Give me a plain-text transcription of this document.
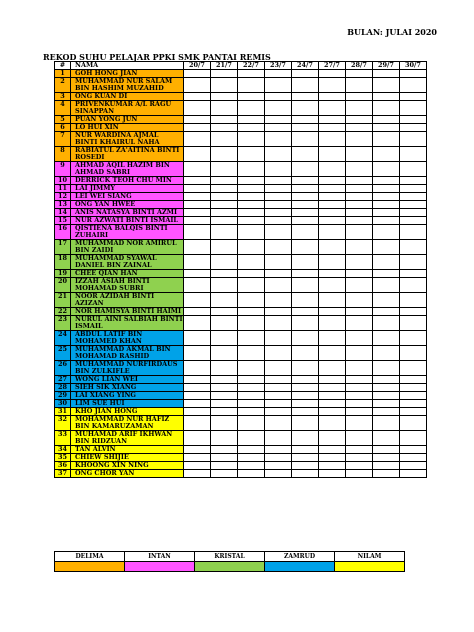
BULAN: JULAI 2020
REKOD SUHU PELAJAR PPKI SMK PANTAI REMIS
#	NAMA	20/7	21/7	22/7	23/7	24/7	27/7	28/7	29/7	30/7
1	GOH HONG JIAN									
2	MUHAMMAD NUR SALAM BIN HASHIM MUZAHID									
3	ONG KUAN DI									
4	PRIVENKUMAR A/L RAGU SINAPPAN									
5	PUAN YONG JUN									
6	LO HUI XIN									
7	NUR WARDINA AJMAL BINTI KHAIRUL NAHA									
8	RABIATUL ZA'AITINA BINTI ROSEDI									
9	AHMAD AQIL HAZIM BIN AHMAD SABRI									
10	DERRICK TEOH CHU MIN									
11	LAI JIMMY									
12	LEI WEI SIANG									
13	ONG YAN HWEE									
14	ANIS NATASYA BINTI AZMI									
15	NUR AZWATI BINTI ISMAIL									
16	QISTIENA BALQIS BINTI ZUHAIRI									
17	MUHAMMAD NOR AMIRUL BIN ZAIDI									
18	MUHAMMAD SYAWAL DANIEL BIN ZAINAL									
19	CHEE QIAN HAN									
20	IZZAH ASIAH BINTI MOHAMAD SUBRI									
21	NOOR AZIDAH BINTI AZIZAN									
22	NOR HAMISYA BINTI HAIMI									
23	NURUL AINI SALBIAH BINTI ISMAIL									
24	ABDUL LATIF BIN MOHAMED KHAN									
25	MUHAMMAD AKMAL BIN MOHAMAD RASHID									
26	MUHAMMAD NURFIRDAUS BIN ZULKIFLE									
27	WONG LIAN WEI									
28	SIEH SIK XIANG									
29	LAI XIANG YING									
30	LIM SUE HUI									
31	KHO JIAN HONG									
32	MOHAMMAD NUR HAFIZ BIN KAMARUZAMAN									
33	MUHAMAD ARIF IKHWAN BIN RIDZUAN									
34	TAN ALVIN									
35	CHIEW SHIJIE									
36	KHOONG XIN NING									
37	ONG CHOR YAN									
DELIMA	INTAN	KRISTAL	ZAMRUD	NILAM
